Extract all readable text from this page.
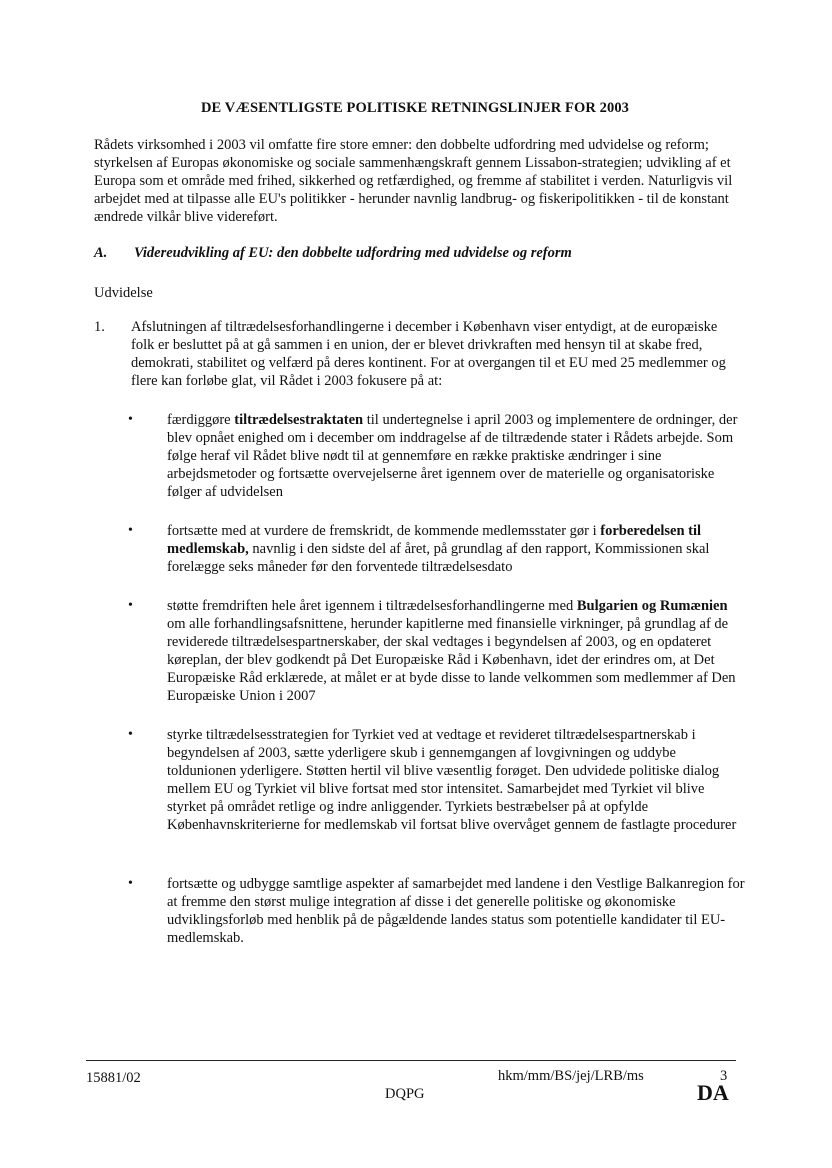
DE VÆSENTLIGSTE POLITISKE RETNINGSLINJER FOR 2003
Rådets virksomhed i 2003 vil omfatte fire store emner: den dobbelte udfordring med udvidelse og reform; styrkelsen af Europas økonomiske og sociale sammenhængskraft gennem Lissabon-strategien; udvikling af et Europa som et område med frihed, sikkerhed og retfærdighed, og fremme af stabilitet i verden. Naturligvis vil arbejdet med at tilpasse alle EU's politikker - herunder navnlig landbrug- og fiskeripolitikken - til de konstant ændrede vilkår blive videreført.
A. Videreudvikling af EU: den dobbelte udfordring med udvidelse og reform
Udvidelse
1. Afslutningen af tiltrædelsesforhandlingerne i december i København viser entydigt, at de europæiske folk er besluttet på at gå sammen i en union, der er blevet drivkraften med hensyn til at skabe fred, demokrati, stabilitet og velfærd på deres kontinent. For at overgangen til et EU med 25 medlemmer og flere kan forløbe glat, vil Rådet i 2003 fokusere på at:
• færdiggøre tiltrædelsestraktaten til undertegnelse i april 2003 og implementere de ordninger, der blev opnået enighed om i december om inddragelse af de tiltrædende stater i Rådets arbejde. Som følge heraf vil Rådet blive nødt til at gennemføre en række praktiske ændringer i sine arbejdsmetoder og fortsætte overvejelserne året igennem over de materielle og organisatoriske følger af udvidelsen
• fortsætte med at vurdere de fremskridt, de kommende medlemsstater gør i forberedelsen til medlemskab, navnlig i den sidste del af året, på grundlag af den rapport, Kommissionen skal forelægge seks måneder før den forventede tiltrædelsesdato
• støtte fremdriften hele året igennem i tiltrædelsesforhandlingerne med Bulgarien og Rumænien om alle forhandlingsafsnittene, herunder kapitlerne med finansielle virkninger, på grundlag af de reviderede tiltrædelsespartnerskaber, der skal vedtages i begyndelsen af 2003, og en opdateret køreplan, der blev godkendt på Det Europæiske Råd i København, idet der erindres om, at Det Europæiske Råd erklærede, at målet er at byde disse to lande velkommen som medlemmer af Den Europæiske Union i 2007
• styrke tiltrædelsesstrategien for Tyrkiet ved at vedtage et revideret tiltrædelsespartnerskab i begyndelsen af 2003, sætte yderligere skub i gennemgangen af lovgivningen og uddybe toldunionen yderligere. Støtten hertil vil blive væsentlig forøget. Den udvidede politiske dialog mellem EU og Tyrkiet vil blive fortsat med stor intensitet. Samarbejdet med Tyrkiet vil blive styrket på området retlige og indre anliggender. Tyrkiets bestræbelser på at opfylde Københavnskriterierne for medlemskab vil fortsat blive overvåget gennem de fastlagte procedurer
• fortsætte og udbygge samtlige aspekter af samarbejdet med landene i den Vestlige Balkanregion for at fremme den størst mulige integration af disse i det generelle politiske og økonomiske udviklingsforløb med henblik på de pågældende landes status som potentielle kandidater til EU-medlemskab.
15881/02	hkm/mm/BS/jej/LRB/ms	3
DQPG	DA
